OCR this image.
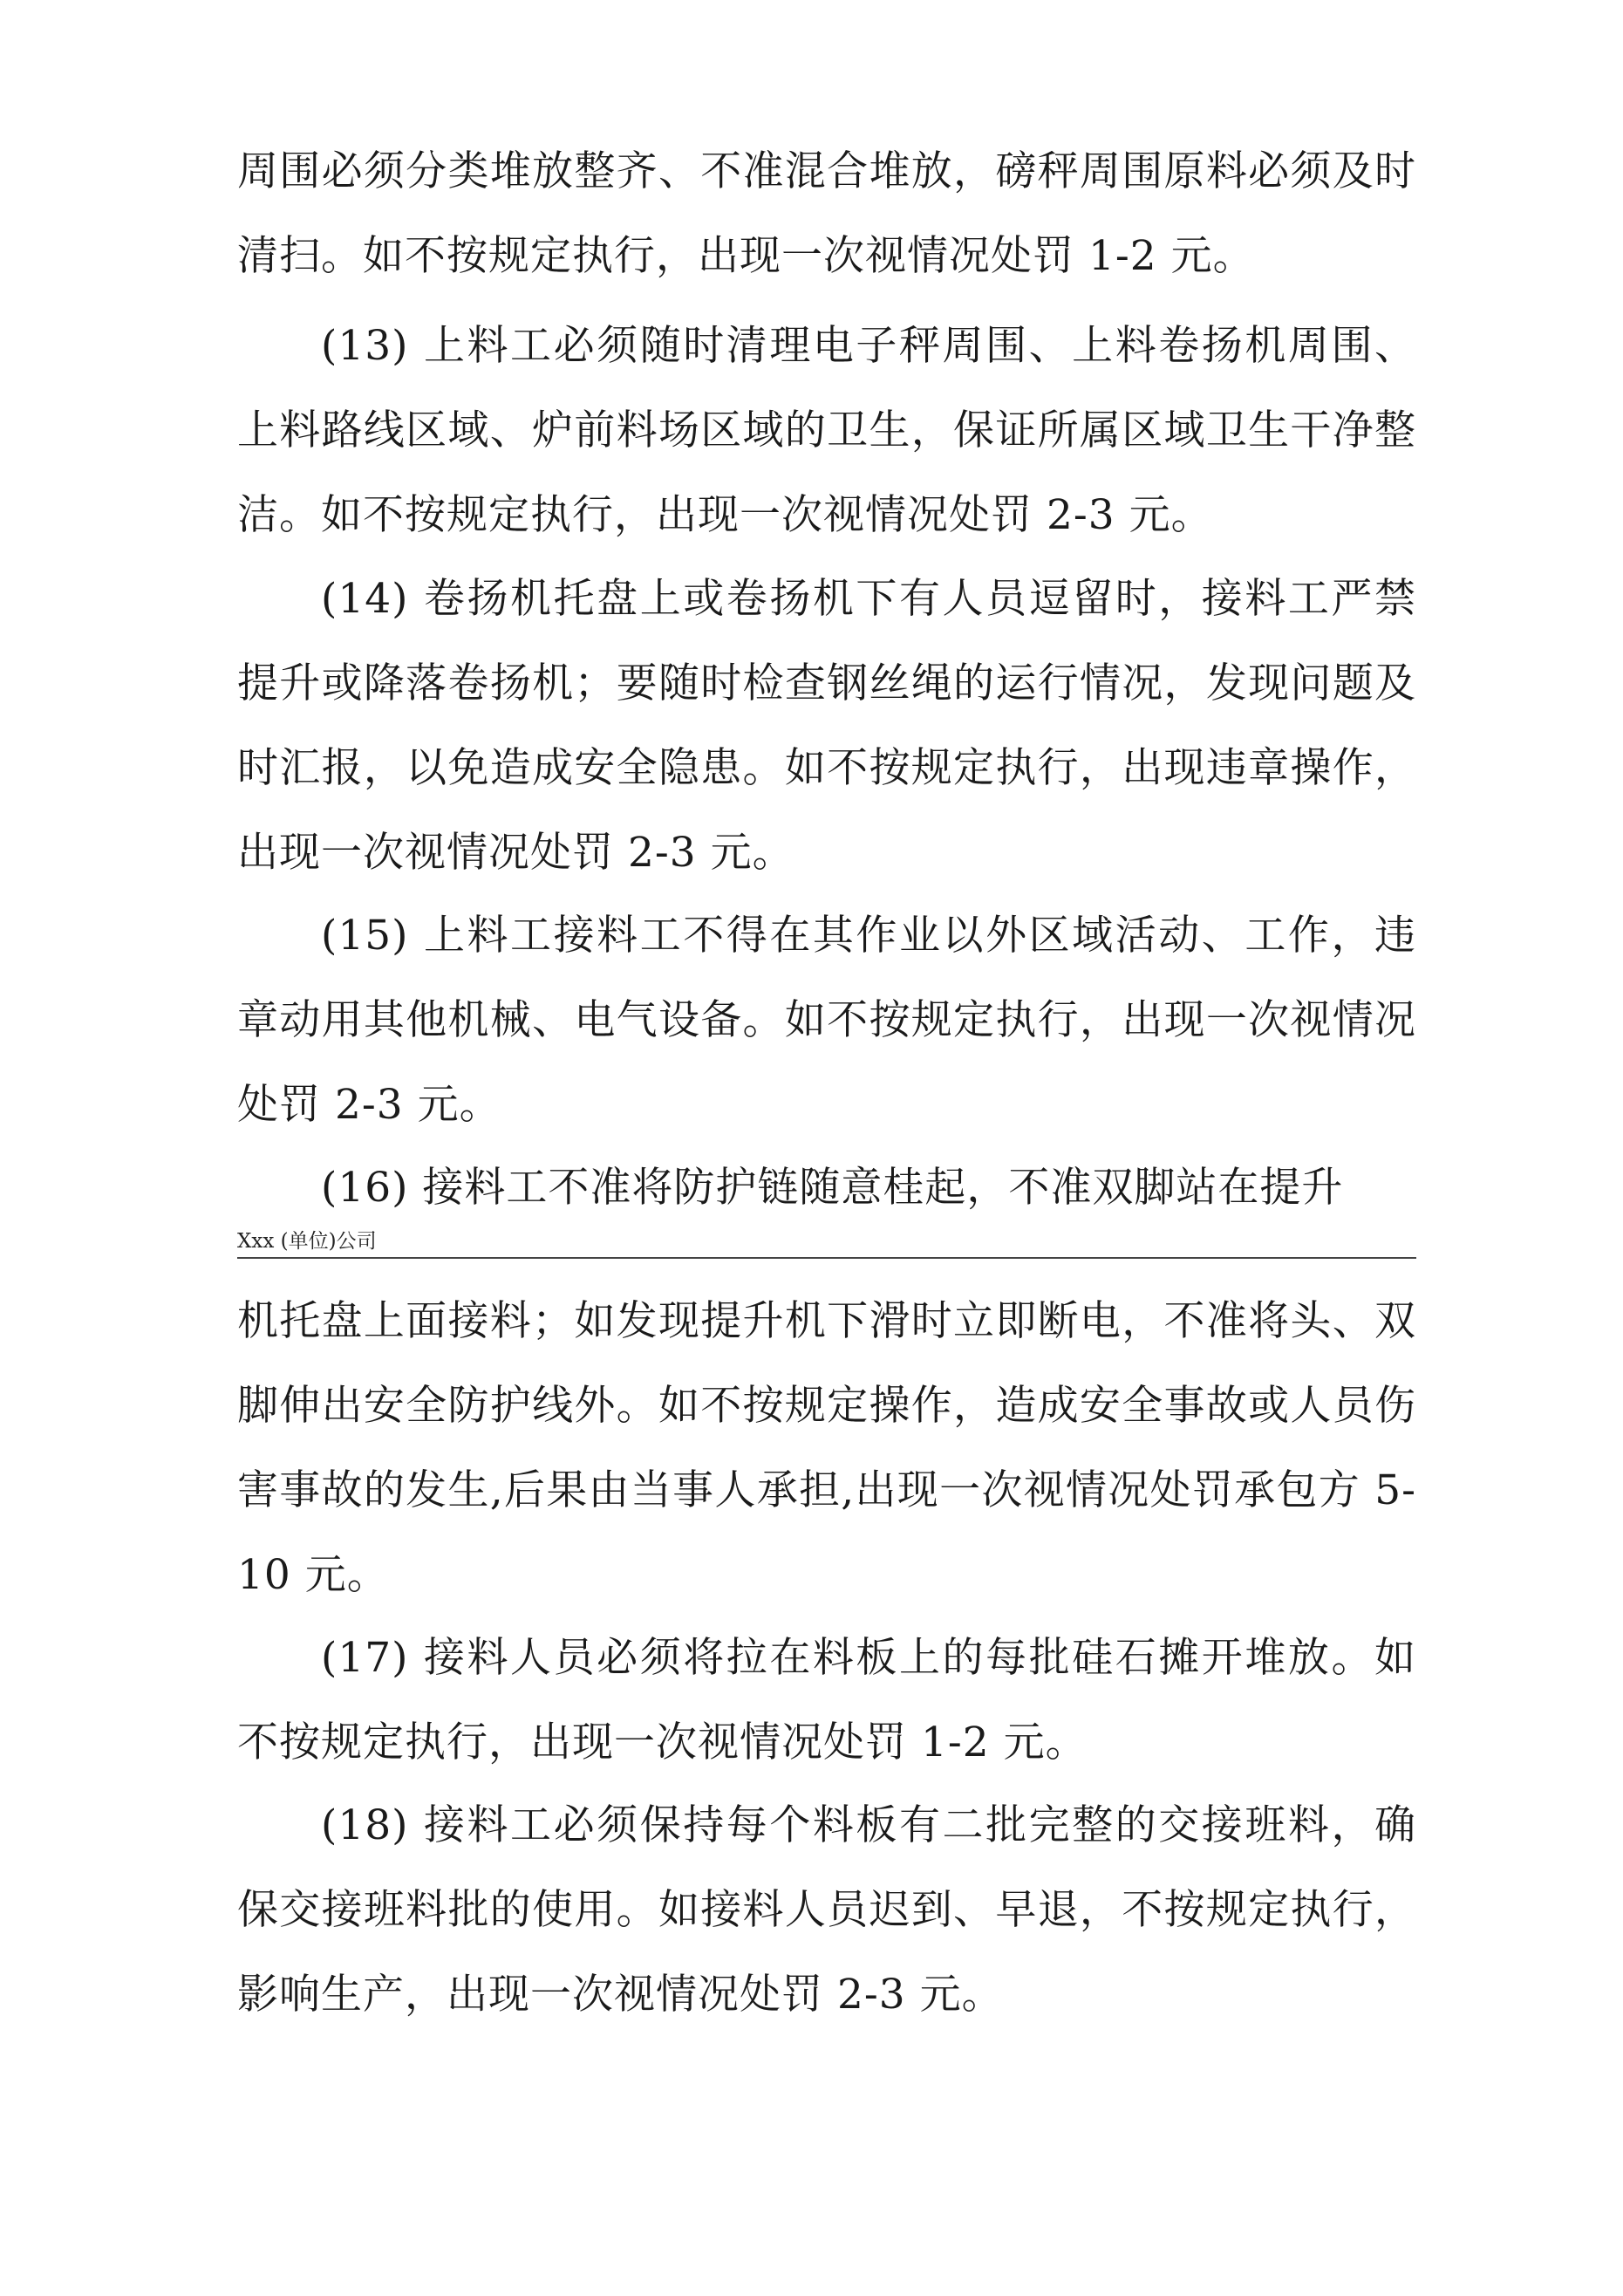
周围必须分类堆放整齐、不准混合堆放，磅秤周围原料必须及时清扫。如不按规定执行，出现一次视情况处罚 1-2 元。

(13) 上料工必须随时清理电子秤周围、上料卷扬机周围、上料路线区域、炉前料场区域的卫生，保证所属区域卫生干净整洁。如不按规定执行，出现一次视情况处罚 2-3 元。

(14) 卷扬机托盘上或卷扬机下有人员逗留时，接料工严禁提升或降落卷扬机；要随时检查钢丝绳的运行情况，发现问题及时汇报，以免造成安全隐患。如不按规定执行，出现违章操作，出现一次视情况处罚 2-3 元。

(15) 上料工接料工不得在其作业以外区域活动、工作，违章动用其他机械、电气设备。如不按规定执行，出现一次视情况处罚 2-3 元。

(16) 接料工不准将防护链随意桂起，不准双脚站在提升

Xxx (单位)公司

机托盘上面接料；如发现提升机下滑时立即断电，不准将头、双脚伸出安全防护线外。如不按规定操作，造成安全事故或人员伤害事故的发生,后果由当事人承担,出现一次视情况处罚承包方 5-10 元。

(17) 接料人员必须将拉在料板上的每批硅石摊开堆放。如不按规定执行，出现一次视情况处罚 1-2 元。

(18) 接料工必须保持每个料板有二批完整的交接班料，确保交接班料批的使用。如接料人员迟到、早退，不按规定执行，影响生产，出现一次视情况处罚 2-3 元。
